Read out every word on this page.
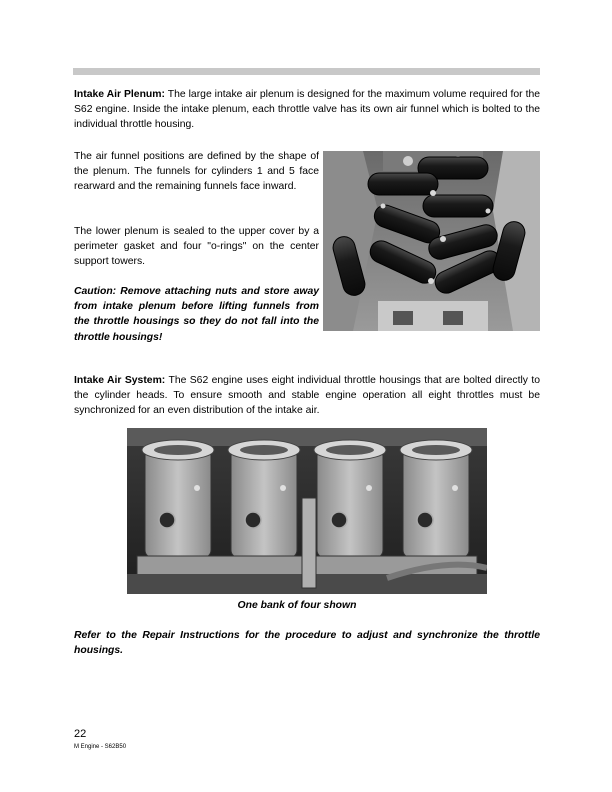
Intake Air Plenum: The large intake air plenum is designed for the maximum volume required for the S62 engine. Inside the intake plenum, each throttle valve has its own air funnel which is bolted to the individual throttle housing.

The air funnel positions are defined by the shape of the plenum. The funnels for cylinders 1 and 5 face rearward and the remaining funnels face inward.

The lower plenum is sealed to the upper cover by a perimeter gasket and four "o-rings" on the center support towers.

Caution: Remove attaching nuts and store away from intake plenum before lifting funnels from the throttle housings so they do not fall into the throttle housings!

Intake Air System: The S62 engine uses eight individual throttle housings that are bolted directly to the cylinder heads. To ensure smooth and stable engine operation all eight throttles must be synchronized for an even distribution of the intake air.

One bank of four shown

Refer to the Repair Instructions for the procedure to adjust and synchronize the throttle housings.

22
M Engine - S62B50
